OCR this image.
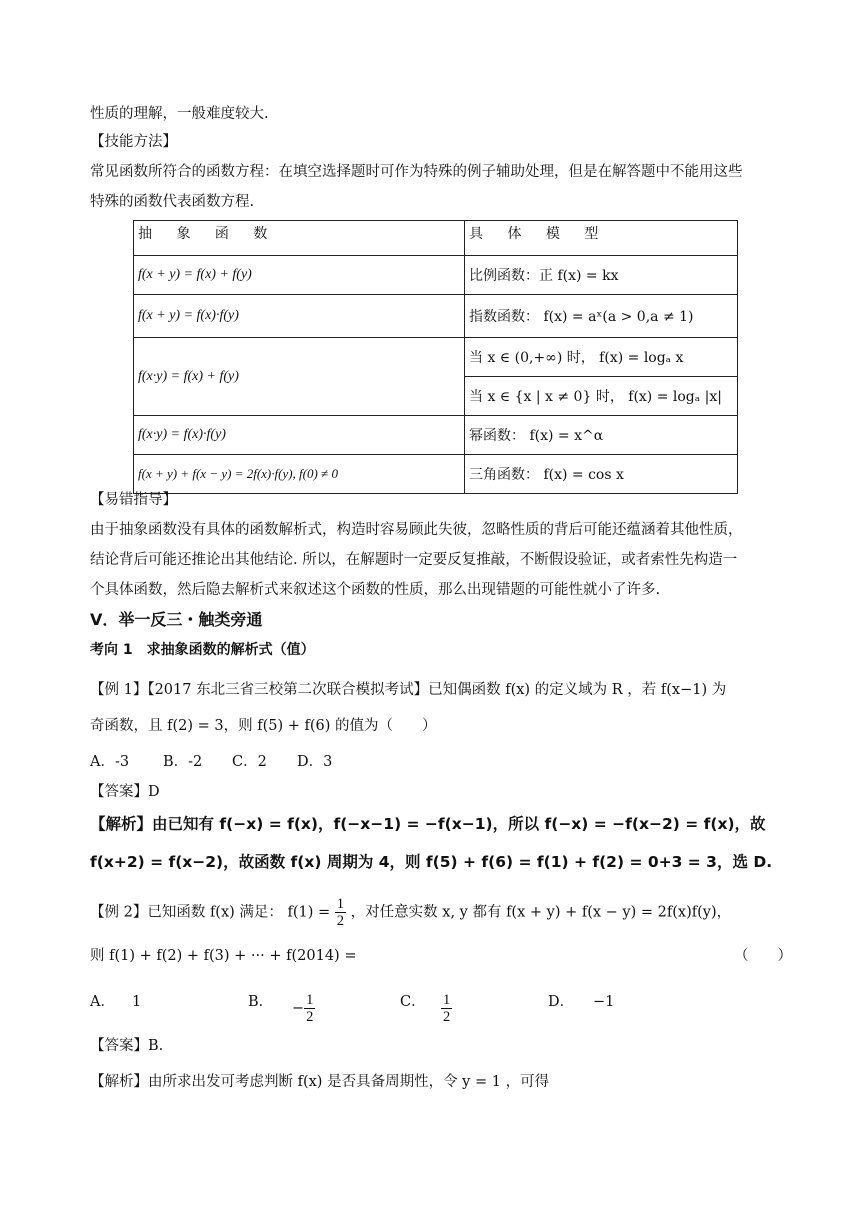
性质的理解，一般难度较大.
【技能方法】
常见函数所符合的函数方程：在填空选择题时可作为特殊的例子辅助处理，但是在解答题中不能用这些
特殊的函数代表函数方程.
抽 象 函 数	具 体 模 型
f(x + y) = f(x) + f(y)	比例函数：正 f(x) = kx
f(x + y) = f(x)·f(y)	指数函数： f(x) = aˣ(a > 0,a ≠ 1)
f(x·y) = f(x) + f(y)	当 x ∈ (0,+∞) 时， f(x) = logₐ x
	当 x ∈ {x | x ≠ 0} 时， f(x) = logₐ |x|
f(x·y) = f(x)·f(y)	幂函数： f(x) = x^α
f(x + y) + f(x − y) = 2f(x)·f(y), f(0) ≠ 0	三角函数： f(x) = cos x
【易错指导】
由于抽象函数没有具体的函数解析式，构造时容易顾此失彼，忽略性质的背后可能还蕴涵着其他性质，
结论背后可能还推论出其他结论. 所以，在解题时一定要反复推敲，不断假设验证，或者索性先构造一
个具体函数，然后隐去解析式来叙述这个函数的性质，那么出现错题的可能性就小了许多.
V．举一反三・触类旁通
考向 1　求抽象函数的解析式（值）
【例 1】【2017 东北三省三校第二次联合模拟考试】已知偶函数 f(x) 的定义域为 R ，若 f(x−1) 为
奇函数，且 f(2) = 3，则 f(5) + f(6) 的值为（　　）
A．-3 B．-2 C．2 D．3
【答案】D
【解析】由已知有 f(−x) = f(x)，f(−x−1) = −f(x−1)，所以 f(−x) = −f(x−2) = f(x)，故
f(x+2) = f(x−2)，故函数 f(x) 周期为 4，则 f(5) + f(6) = f(1) + f(2) = 0+3 = 3，选 D.
【例 2】已知函数 f(x) 满足： $f(1) = \frac{1}{2}$ ，对任意实数 x, y 都有 f(x + y) + f(x − y) = 2f(x)f(y)，
则 f(1) + f(2) + f(3) + ··· + f(2014) =	（　　）
A． 1	B． − $\frac{1}{2}$	C． $\frac{1}{2}$	D． −1
【答案】B.
【解析】由所求出发可考虑判断 f(x) 是否具备周期性，令 y = 1 ，可得
